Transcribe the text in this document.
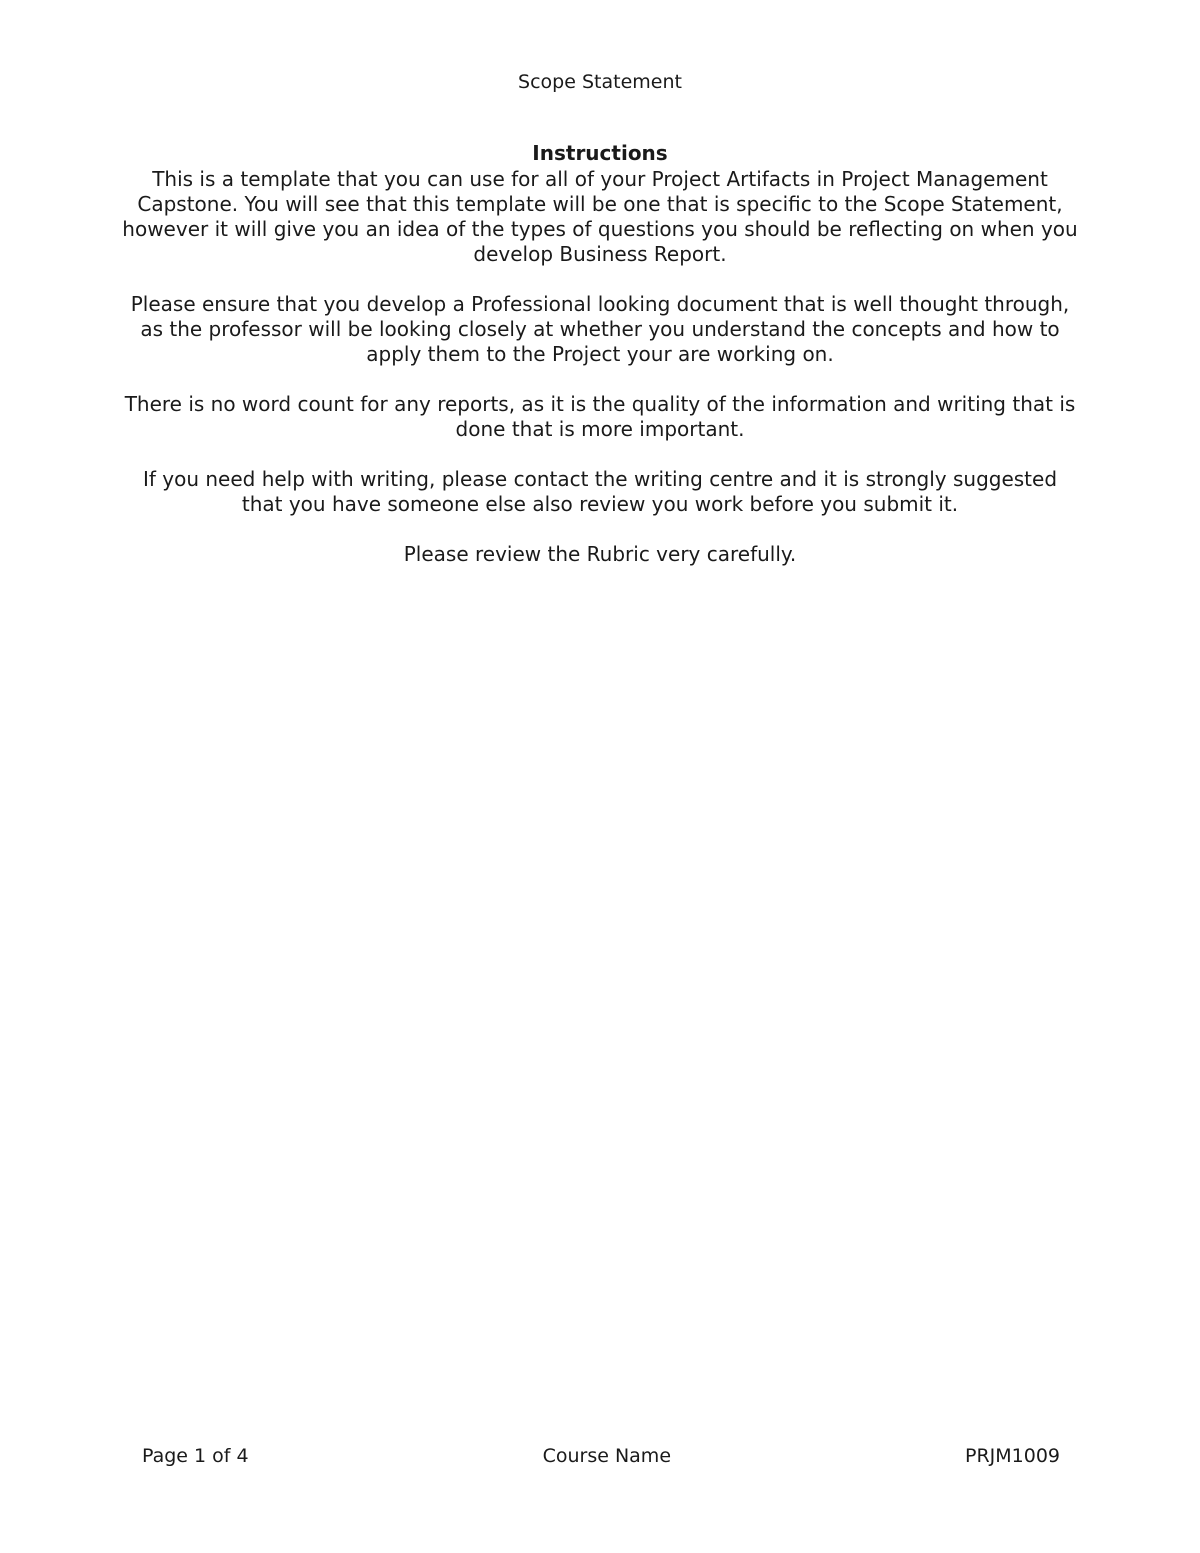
Scope Statement
Instructions

This is a template that you can use for all of your Project Artifacts in Project Management Capstone. You will see that this template will be one that is specific to the Scope Statement, however it will give you an idea of the types of questions you should be reflecting on when you develop Business Report.

Please ensure that you develop a Professional looking document that is well thought through, as the professor will be looking closely at whether you understand the concepts and how to apply them to the Project your are working on.

There is no word count for any reports, as it is the quality of the information and writing that is done that is more important.

If you need help with writing, please contact the writing centre and it is strongly suggested that you have someone else also review you work before you submit it.

Please review the Rubric very carefully.

Page 1 of 4	Course Name	PRJM1009
